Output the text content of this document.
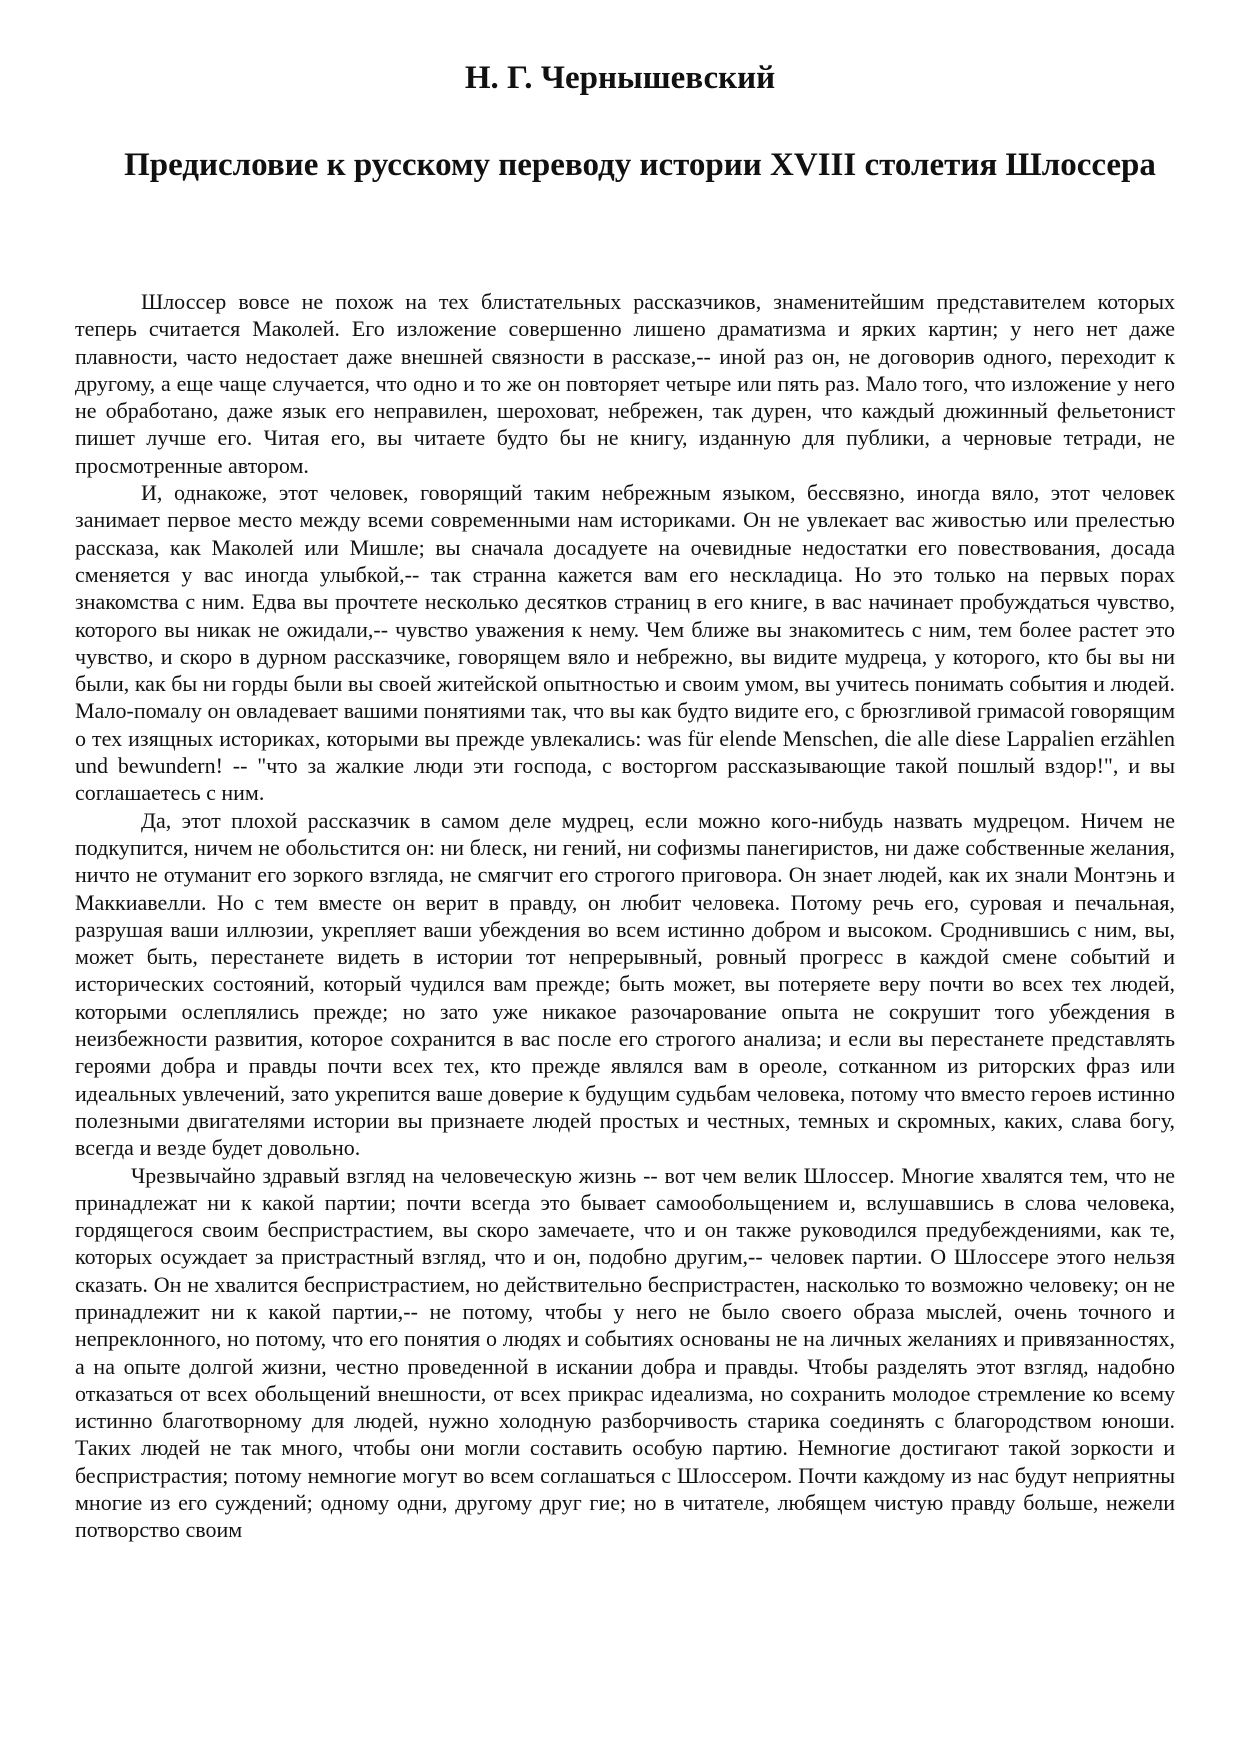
Н. Г. Чернышевский
Предисловие к русскому переводу истории XVIII столетия Шлоссера

Шлоссер вовсе не похож на тех блистательных рассказчиков, знаменитейшим представителем которых теперь считается Маколей. Его изложение совершенно лишено драматизма и ярких картин; у него нет даже плавности, часто недостает даже внешней связности в рассказе,-- иной раз он, не договорив одного, переходит к другому, а еще чаще случается, что одно и то же он повторяет четыре или пять раз. Мало того, что изложение у него не обработано, даже язык его неправилен, шероховат, небрежен, так дурен, что каждый дюжинный фельетонист пишет лучше его. Читая его, вы читаете будто бы не книгу, изданную для публики, а черновые тетради, не просмотренные автором.

И, однакоже, этот человек, говорящий таким небрежным языком, бессвязно, иногда вяло, этот человек занимает первое место между всеми современными нам историками. Он не увлекает вас живостью или прелестью рассказа, как Маколей или Мишле; вы сначала досадуете на очевидные недостатки его повествования, досада сменяется у вас иногда улыбкой,-- так странна кажется вам его нескладица. Но это только на первых порах знакомства с ним. Едва вы прочтете несколько десятков страниц в его книге, в вас начинает пробуждаться чувство, которого вы никак не ожидали,-- чувство уважения к нему. Чем ближе вы знакомитесь с ним, тем более растет это чувство, и скоро в дурном рассказчике, говорящем вяло и небрежно, вы видите мудреца, у которого, кто бы вы ни были, как бы ни горды были вы своей житейской опытностью и своим умом, вы учитесь понимать события и людей. Мало-помалу он овладевает вашими понятиями так, что вы как будто видите его, с брюзгливой гримасой говорящим о тех изящных историках, которыми вы прежде увлекались: was für elende Menschen, die alle diese Lappalien erzählen und bewundern! -- "что за жалкие люди эти господа, с восторгом рассказывающие такой пошлый вздор!", и вы соглашаетесь с ним.

Да, этот плохой рассказчик в самом деле мудрец, если можно кого-нибудь назвать мудрецом. Ничем не подкупится, ничем не обольстится он: ни блеск, ни гений, ни софизмы панегиристов, ни даже собственные желания, ничто не отуманит его зоркого взгляда, не смягчит его строгого приговора. Он знает людей, как их знали Монтэнь и Маккиавелли. Но с тем вместе он верит в правду, он любит человека. Потому речь его, суровая и печальная, разрушая ваши иллюзии, укрепляет ваши убеждения во всем истинно добром и высоком. Сроднившись с ним, вы, может быть, перестанете видеть в истории тот непрерывный, ровный прогресс в каждой смене событий и исторических состояний, который чудился вам прежде; быть может, вы потеряете веру почти во всех тех людей, которыми ослеплялись прежде; но зато уже никакое разочарование опыта не сокрушит того убеждения в неизбежности развития, которое сохранится в вас после его строгого анализа; и если вы перестанете представлять героями добра и правды почти всех тех, кто прежде являлся вам в ореоле, сотканном из риторских фраз или идеальных увлечений, зато укрепится ваше доверие к будущим судьбам человека, потому что вместо героев истинно полезными двигателями истории вы признаете людей простых и честных, темных и скромных, каких, слава богу, всегда и везде будет довольно.

Чрезвычайно здравый взгляд на человеческую жизнь -- вот чем велик Шлоссер. Многие хвалятся тем, что не принадлежат ни к какой партии; почти всегда это бывает самообольщением и, вслушавшись в слова человека, гордящегося своим беспристрастием, вы скоро замечаете, что и он также руководился предубеждениями, как те, которых осуждает за пристрастный взгляд, что и он, подобно другим,-- человек партии. О Шлоссере этого нельзя сказать. Он не хвалится беспристрастием, но действительно беспристрастен, насколько то возможно человеку; он не принадлежит ни к какой партии,-- не потому, чтобы у него не было своего образа мыслей, очень точного и непреклонного, но потому, что его понятия о людях и событиях основаны не на личных желаниях и привязанностях, а на опыте долгой жизни, честно проведенной в искании добра и правды. Чтобы разделять этот взгляд, надобно отказаться от всех обольщений внешности, от всех прикрас идеализма, но сохранить молодое стремление ко всему истинно благотворному для людей, нужно холодную разборчивость старика соединять с благородством юноши. Таких людей не так много, чтобы они могли составить особую партию. Немногие достигают такой зоркости и беспристрастия; потому немногие могут во всем соглашаться с Шлоссером. Почти каждому из нас будут неприятны многие из его суждений; одному одни, другому друг гие; но в читателе, любящем чистую правду больше, нежели потворство своим
